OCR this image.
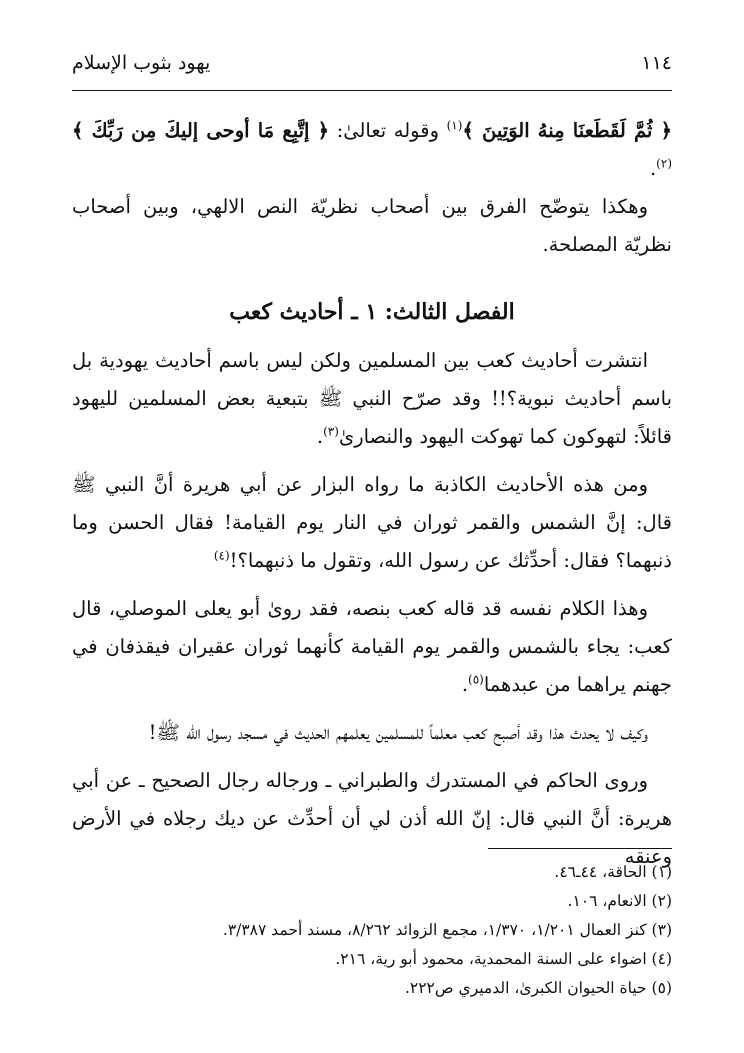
١١٤
يهود بثوب الإسلام

﴿ ثُمَّ لَقَطَعنَا مِنهُ الوَتِينَ ﴾$^{(١)}$ وقوله تعالىٰ: ﴿ إتَّبِع مَا أوحى إليكَ مِن رَبِّكَ ﴾$^{(٢)}$.

وهكذا يتوضّح الفرق بين أصحاب نظريّة النص الالهي، وبين أصحاب نظريّة المصلحة.

الفصل الثالث: ١ ـ أحاديث كعب

انتشرت أحاديث كعب بين المسلمين ولكن ليس باسم أحاديث يهودية بل باسم أحاديث نبوية؟!! وقد صرّح النبي ﷺ بتبعية بعض المسلمين لليهود قائلاً: لتهوكون كما تهوكت اليهود والنصارىٰ$^{(٣)}$.

ومن هذه الأحاديث الكاذبة ما رواه البزار عن أبي هريرة أنَّ النبي ﷺ قال: إنَّ الشمس والقمر ثوران في النار يوم القيامة! فقال الحسن وما ذنبهما؟ فقال: أحدِّثك عن رسول الله، وتقول ما ذنبهما؟!$^{(٤)}$

وهذا الكلام نفسه قد قاله كعب بنصه، فقد روىٰ أبو يعلى الموصلي، قال كعب: يجاء بالشمس والقمر يوم القيامة كأنهما ثوران عقيران فيقذفان في جهنم يراهما من عبدهما$^{(٥)}$.

وكيف لا يحدث هذا وقد أصبح كعب معلماً للمسلمين يعلمهم الحديث في مسجد رسول الله ﷺ!

وروى الحاكم في المستدرك والطبراني ـ ورجاله رجال الصحيح ـ عن أبي هريرة: أنَّ النبي قال: إنّ الله أذن لي أن أحدِّث عن ديك رجلاه في الأرض وعنقه

(١) الحاقة، ٤٤ـ٤٦.
(٢) الانعام، ١٠٦.
(٣) كنز العمال ١/٢٠١، ١/٣٧٠، مجمع الزوائد ٨/٢٦٢، مسند أحمد ٣/٣٨٧.
(٤) اضواء على السنة المحمدية، محمود أبو رية، ٢١٦.
(٥) حياة الحيوان الكبرىٰ، الدميري ص٢٢٢.
